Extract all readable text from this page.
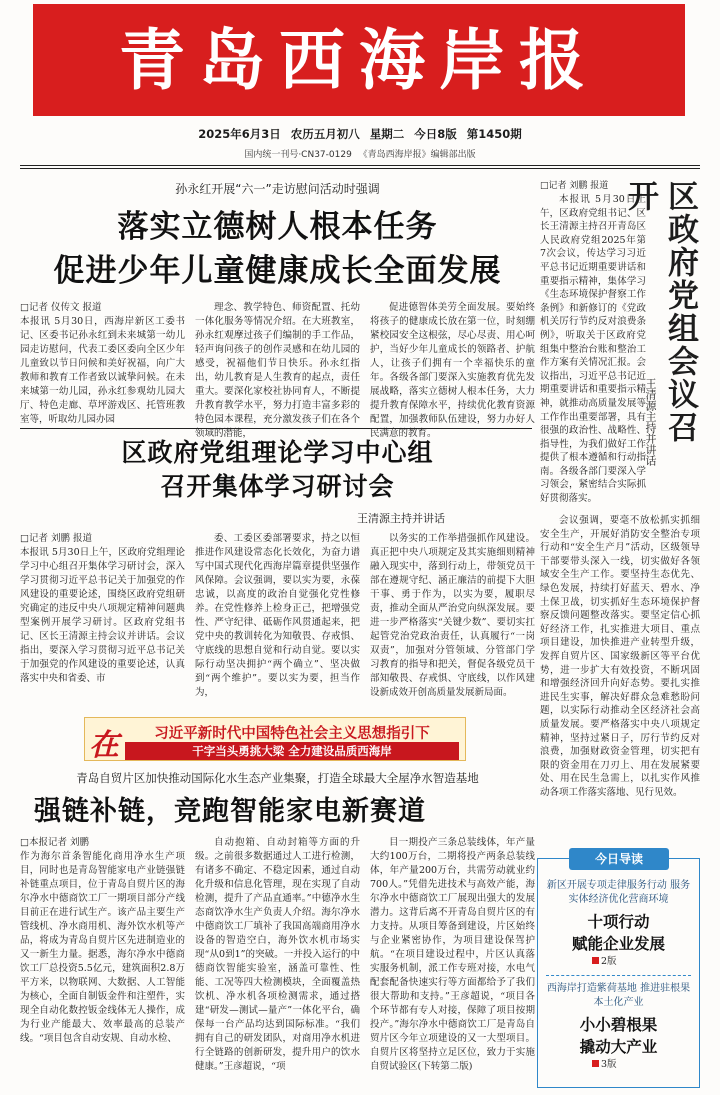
青岛西海岸报
2025年6月3日 农历五月初八 星期二 今日8版 第1450期
国内统一刊号·CN37-0129 《青岛西海岸报》编辑部出版
孙永红开展“六一”走访慰问活动时强调
落实立德树人根本任务
促进少年儿童健康成长全面发展
□记者 仪传文 报道
本报讯 5月30日，西海岸新区工委书记、区委书记孙永红到未来城第一幼儿园走访慰问，代表工委区委向全区少年儿童致以节日问候和美好祝福，向广大教师和教育工作者致以诚挚问候。在未来城第一幼儿园，孙永红参观幼儿园大厅、特色走廊、草坪游戏区、托管班教室等，听取幼儿园办园
理念、教学特色、师资配置、托幼一体化服务等情况介绍。在大班教室，孙永红观摩过孩子们编制的手工作品，轻声询问孩子的创作灵感和在幼儿园的感受，祝福他们节日快乐。孙永红指出，幼儿教育是人生教育的起点，责任重大。要深化家校社协同育人，不断提升教育教学水平，努力打造丰富多彩的特色园本课程，充分激发孩子们在各个领域的潜能，
促进德智体美劳全面发展。要始终将孩子的健康成长放在第一位，时刻绷紧校园安全这根弦，尽心尽责、用心呵护，当好少年儿童成长的领路者、护航人，让孩子们拥有一个幸福快乐的童年。各级各部门要深入实施教育优先发展战略，落实立德树人根本任务，大力提升教育保障水平，持续优化教育资源配置，加强教师队伍建设，努力办好人民满意的教育。
区政府党组理论学习中心组
召开集体学习研讨会
王清源主持并讲话
□记者 刘鹏 报道
本报讯 5月30日上午，区政府党组理论学习中心组召开集体学习研讨会，深入学习贯彻习近平总书记关于加强党的作风建设的重要论述，围绕区政府党组研究确定的违反中央八项规定精神问题典型案例开展学习研讨。区政府党组书记、区长王清源主持会议并讲话。会议指出，要深入学习贯彻习近平总书记关于加强党的作风建设的重要论述，认真落实中央和省委、市
委、工委区委部署要求，持之以恒推进作风建设常态化长效化，为奋力谱写中国式现代化西海岸篇章提供坚强作风保障。会议强调，要以实为要，永葆忠诚，以高度的政治自觉强化党性修养。在党性修养上检身正己，把增强党性、严守纪律、砥砺作风贯通起来，把党中央的教训转化为知敬畏、存戒惧、守底线的思想自觉和行动自觉。要以实际行动坚决拥护“两个确立”、坚决做到“两个维护”。要以实为要，担当作为，
以务实的工作举措强抓作风建设。真正把中央八项规定及其实施细则精神融入现实中，落到行动上，带领党员干部在遵规守纪、涵正廉洁的前提下大胆干事、勇于作为，以实为要，履职尽责，推动全面从严治党向纵深发展。要进一步严格落实“关键少数”、要切实扛起管党治党政治责任，认真履行“一岗双责”，加强对分管领域、分管部门学习教育的指导和把关，督促各级党员干部知敬畏、存戒惧、守底线，以作风建设新成效开创高质量发展新局面。
在	习近平新时代中国特色社会主义思想指引下
干字当头勇挑大梁 全力建设品质西海岸
青岛自贸片区加快推动国际化水生态产业集聚，打造全球最大全屋净水智造基地
强链补链，竞跑智能家电新赛道
□本报记者 刘鹏
作为海尔首条智能化商用净水生产项目，同时也是青岛智能家电产业链强链补链重点项目，位于青岛自贸片区的海尔净水中德商饮工厂一期项目部分产线目前正在进行试生产。该产品主要生产管线机、净水商用机、海外饮水机等产品，将成为青岛自贸片区先进制造业的又一新生力量。据悉，海尔净水中德商饮工厂总投资5.5亿元，建筑面积2.8万平方米，以物联网、大数据、人工智能为核心，全面自制钣金件和注塑件，实现全自动化数控钣金线体无人操作，成为行业产能最大、效率最高的总装产线。“项目包含自动安规、自动水检、
自动抱箱、自动封箱等方面的升级。之前很多数据通过人工进行检测，有诸多不确定、不稳定因素，通过自动化升级和信息化管理，现在实现了自动检测，提升了产品直通率。”中德净水生态商饮净水生产负责人介绍。海尔净水中德商饮工厂填补了我国高端商用净水设备的智造空白，海外饮水机市场实现“从0到1”的突破。一并投入运行的中德商饮智能实验室，涵盖可靠性、性能、工况等四大检测模块，全面覆盖热饮机、净水机各项检测需求，通过搭建“研发—测试—量产”一体化平台，确保每一台产品均达到国际标准。“我们拥有自己的研发团队，对商用净水机进行全链路的创新研发，提升用户的饮水健康。”王彦超说，“项
目一期投产三条总装线体，年产量大约100万台，二期将投产两条总装线体，年产量200万台，共需劳动就业约700人。”凭借先进技术与高效产能，海尔净水中德商饮工厂展现出强大的发展潜力。这背后离不开青岛自贸片区的有力支持。从项目筹备到建设，片区始终与企业紧密协作，为项目建设保驾护航。“在项目建设过程中，片区认真落实服务机制，派工作专班对接，水电气配套配备快速实行等方面都给予了我们很大帮助和支持。”王彦超说，“项目各个环节都有专人对接，保障了项目按期投产。”海尔净水中德商饮工厂是青岛自贸片区今年立项建设的又一大型项目。自贸片区将坚持立足区位，致力于实施自贸试验区(下转第二版)
区政府党组会议召开
王清源主持并讲话
□记者 刘鹏 报道
本报讯 5月30日上午，区政府党组书记、区长王清源主持召开青岛区人民政府党组2025年第7次会议，传达学习习近平总书记近期重要讲话和重要指示精神，集体学习《生态环境保护督察工作条例》和新修订的《党政机关厉行节约反对浪费条例》，听取关于区政府党组集中整治台账和整治工作方案有关情况汇报。会议指出，习近平总书记近期重要讲话和重要指示精神，就推动高质量发展等工作作出重要部署，具有很强的政治性、战略性、指导性，为我们做好工作提供了根本遵循和行动指南。各级各部门要深入学习领会，紧密结合实际抓好贯彻落实。
会议强调，要毫不放松抓实抓细安全生产，开展好消防安全整治专项行动和“安全生产月”活动，区级领导干部要带头深入一线，切实做好各领域安全生产工作。要坚持生态优先、绿色发展，持续打好蓝天、碧水、净土保卫战，切实抓好生态环境保护督察反馈问题整改落实。要坚定信心抓好经济工作，扎实推进大项目、重点项目建设，加快推进产业转型升级，发挥自贸片区、国家级新区等平台优势，进一步扩大有效投资，不断巩固和增强经济回升向好态势。要扎实推进民生实事，解决好群众急难愁盼问题，以实际行动推动全区经济社会高质量发展。要严格落实中央八项规定精神，坚持过紧日子，厉行节约反对浪费，加强财政资金管理，切实把有限的资金用在刀刃上、用在发展紧要处、用在民生急需上，以扎实作风推动各项工作落实落地、见行见效。
新区开展专项走律服务行动 服务实体经济优化营商环境
十项行动
赋能企业发展
2版
西海岸打造紫荷基地 推进驻根果本土化产业
小小碧根果
撬动大产业
3版
今日导读
